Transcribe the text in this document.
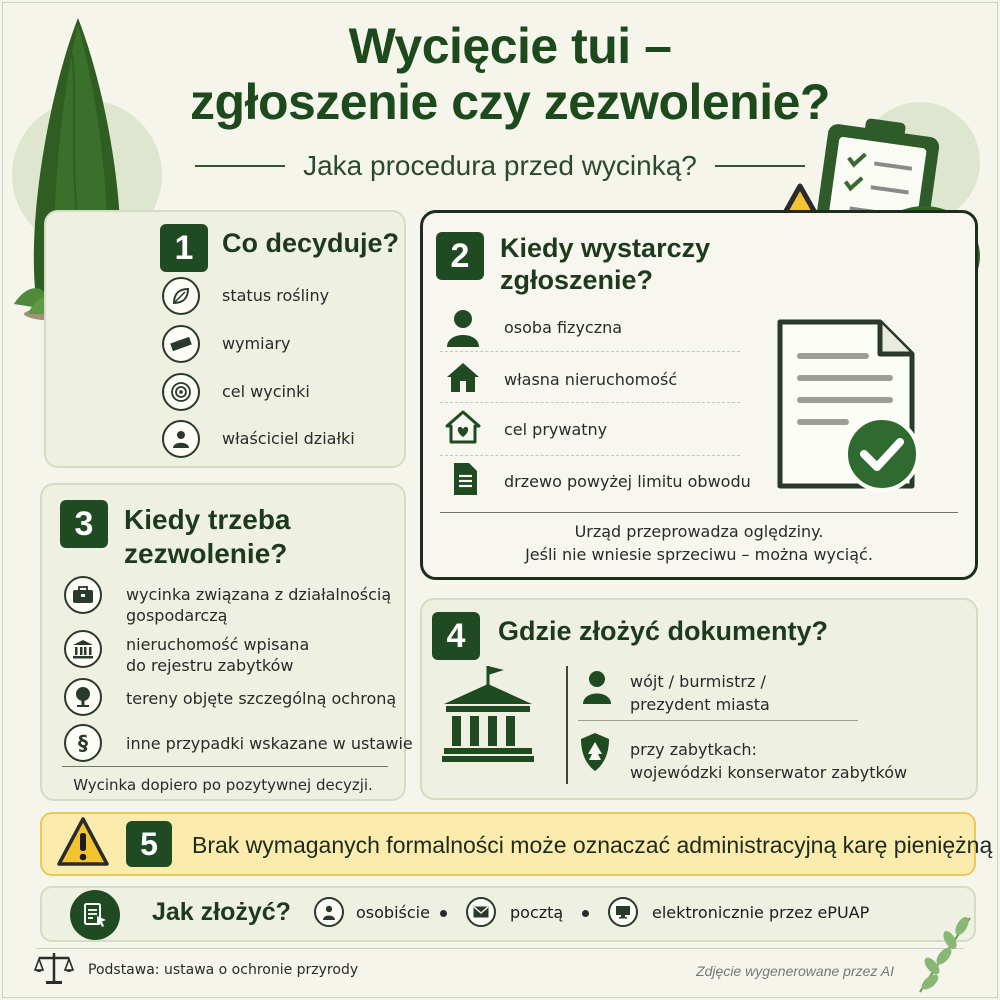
Wycięcie tui –
zgłoszenie czy zezwolenie?
Jaka procedura przed wycinką?
1	Co decyduje?
status rośliny
wymiary
cel wycinki
właściciel działki
2	Kiedy wystarczy
zgłoszenie?
osoba fizyczna
własna nieruchomość
cel prywatny
drzewo powyżej limitu obwodu
Urząd przeprowadza oględziny.
Jeśli nie wniesie sprzeciwu – można wyciąć.
3	Kiedy trzeba
zezwolenie?
wycinka związana z działalnością
gospodarczą
nieruchomość wpisana
do rejestru zabytków
tereny objęte szczególną ochroną
§ inne przypadki wskazane w ustawie
Wycinka dopiero po pozytywnej decyzji.
4	Gdzie złożyć dokumenty?
wójt / burmistrz /
prezydent miasta
przy zabytkach:
wojewódzki konserwator zabytków
5	Brak wymaganych formalności może oznaczać administracyjną karę pieniężną
Jak złożyć?	osobiście	pocztą	elektronicznie przez ePUAP
Podstawa: ustawa o ochronie przyrody	Zdjęcie wygenerowane przez AI
